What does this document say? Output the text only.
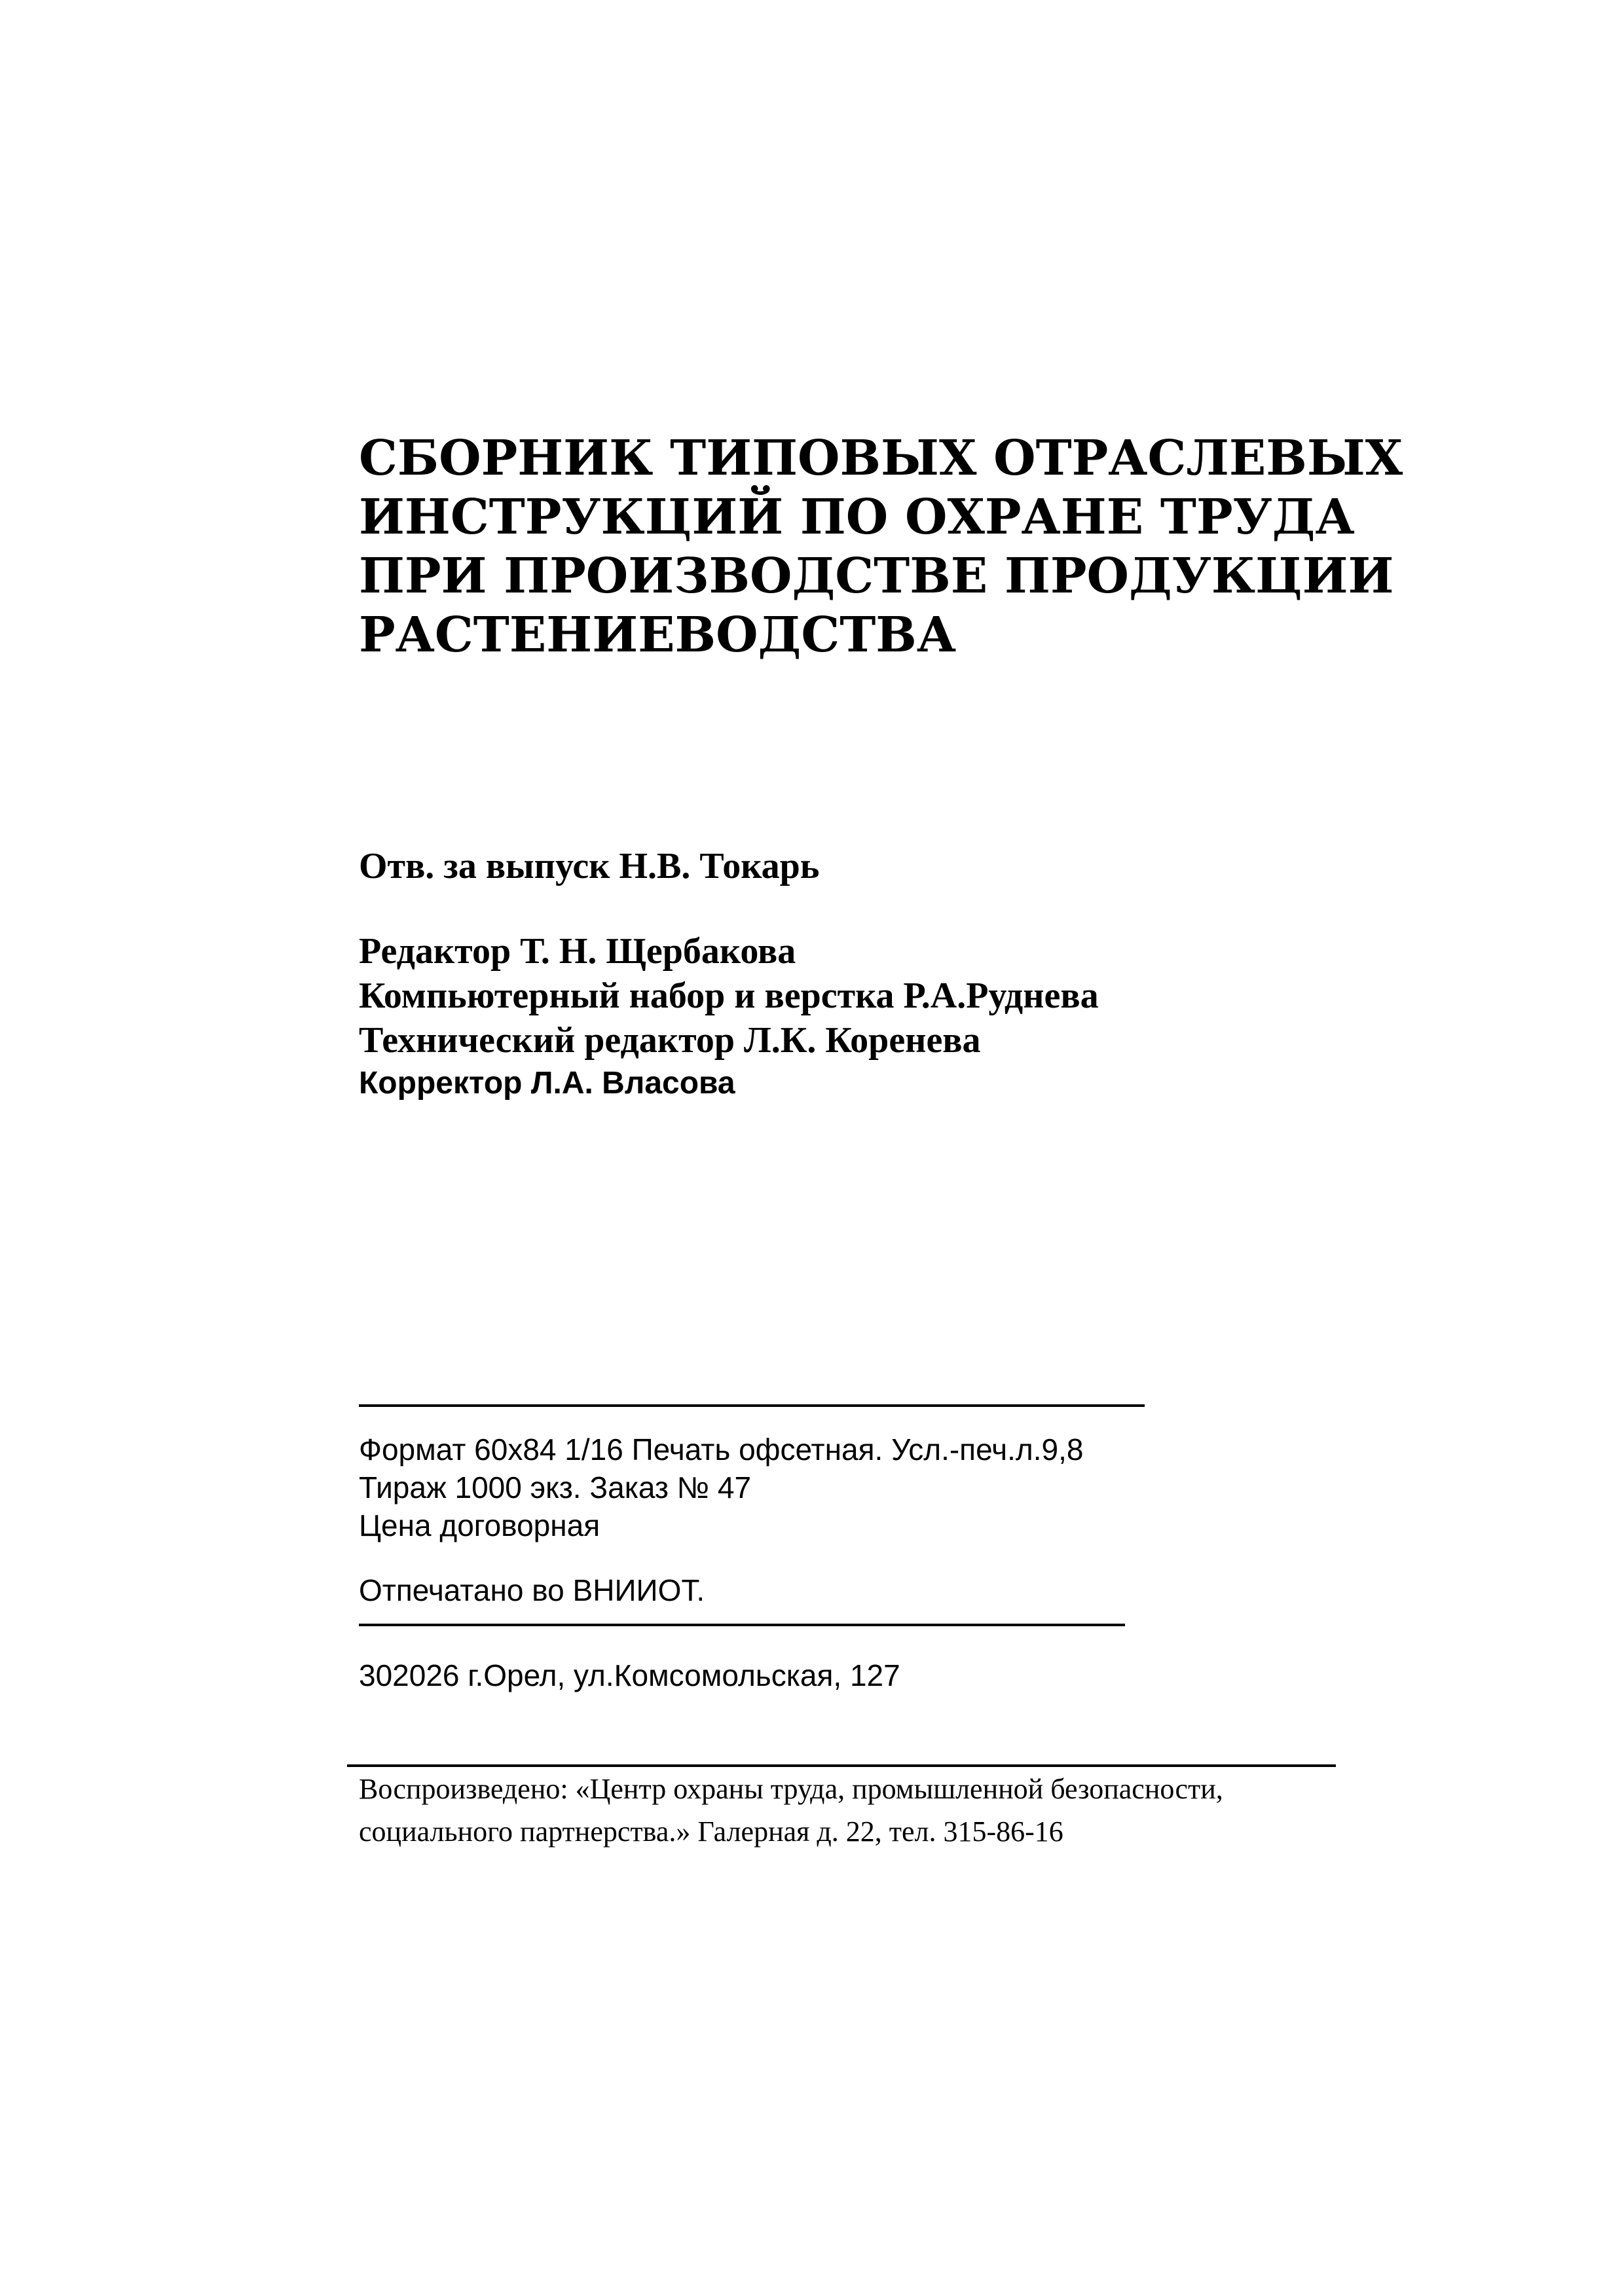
СБОРНИК ТИПОВЫХ ОТРАСЛЕВЫХ
ИНСТРУКЦИЙ ПО ОХРАНЕ ТРУДА
ПРИ ПРОИЗВОДСТВЕ ПРОДУКЦИИ
РАСТЕНИЕВОДСТВА
Отв. за выпуск Н.В. Токарь
Редактор Т. Н. Щербакова
Компьютерный набор и верстка Р.А.Руднева
Технический редактор Л.К. Коренева
Корректор Л.А. Власова
Формат 60x84 1/16 Печать офсетная. Усл.-печ.л.9,8
Тираж 1000 экз. Заказ № 47
Цена договорная
Отпечатано во ВНИИОТ.
302026 г.Орел, ул.Комсомольская, 127
Воспроизведено: «Центр охраны труда, промышленной безопасности,
социального партнерства.» Галерная д. 22, тел. 315-86-16
